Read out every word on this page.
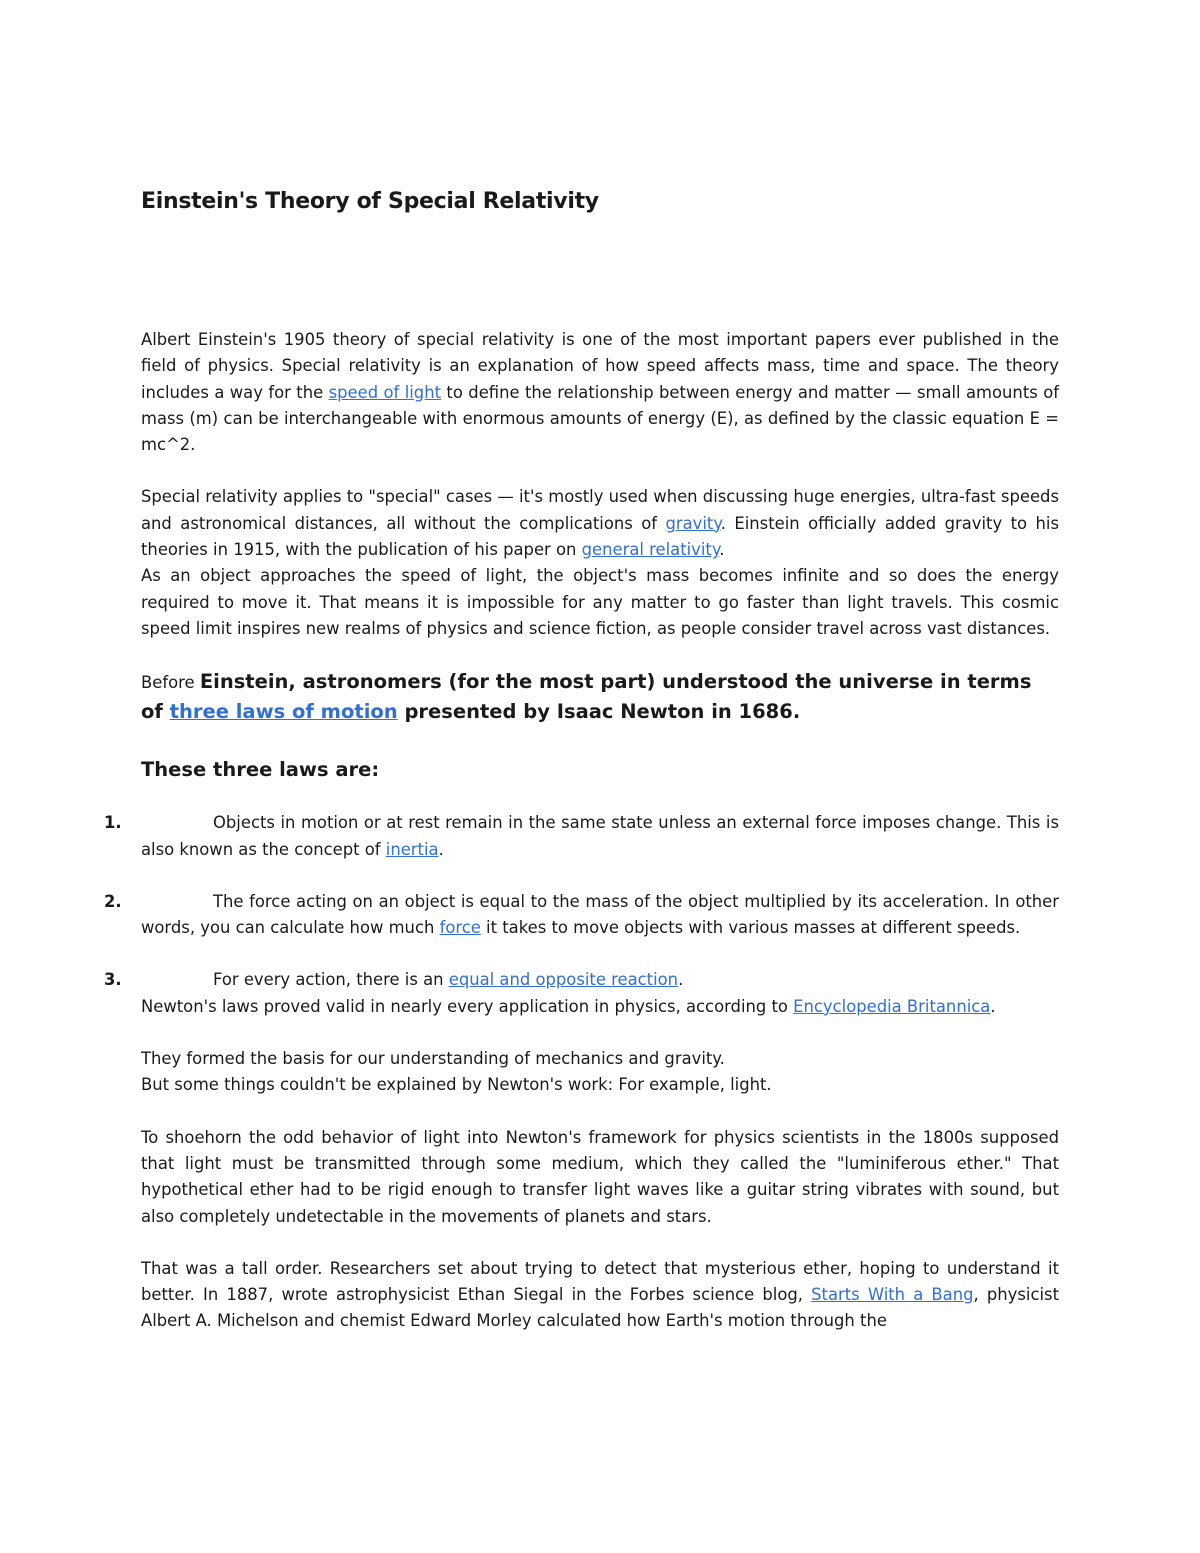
Einstein's Theory of Special Relativity

Albert Einstein's 1905 theory of special relativity is one of the most important papers ever published in the field of physics. Special relativity is an explanation of how speed affects mass, time and space. The theory includes a way for the speed of light to define the relationship between energy and matter — small amounts of mass (m) can be interchangeable with enormous amounts of energy (E), as defined by the classic equation E = mc^2.

Special relativity applies to "special" cases — it's mostly used when discussing huge energies, ultra-fast speeds and astronomical distances, all without the complications of gravity. Einstein officially added gravity to his theories in 1915, with the publication of his paper on general relativity.

As an object approaches the speed of light, the object's mass becomes infinite and so does the energy required to move it. That means it is impossible for any matter to go faster than light travels. This cosmic speed limit inspires new realms of physics and science fiction, as people consider travel across vast distances.

Before Einstein, astronomers (for the most part) understood the universe in terms of three laws of motion presented by Isaac Newton in 1686.

These three laws are:
1.	Objects in motion or at rest remain in the same state unless an external force imposes change. This is also known as the concept of inertia.

2.	The force acting on an object is equal to the mass of the object multiplied by its acceleration. In other words, you can calculate how much force it takes to move objects with various masses at different speeds.

3.	For every action, there is an equal and opposite reaction.

Newton's laws proved valid in nearly every application in physics, according to Encyclopedia Britannica.

They formed the basis for our understanding of mechanics and gravity.

But some things couldn't be explained by Newton's work: For example, light.

To shoehorn the odd behavior of light into Newton's framework for physics scientists in the 1800s supposed that light must be transmitted through some medium, which they called the "luminiferous ether." That hypothetical ether had to be rigid enough to transfer light waves like a guitar string vibrates with sound, but also completely undetectable in the movements of planets and stars.

That was a tall order. Researchers set about trying to detect that mysterious ether, hoping to understand it better. In 1887, wrote astrophysicist Ethan Siegal in the Forbes science blog, Starts With a Bang, physicist Albert A. Michelson and chemist Edward Morley calculated how Earth's motion through the
